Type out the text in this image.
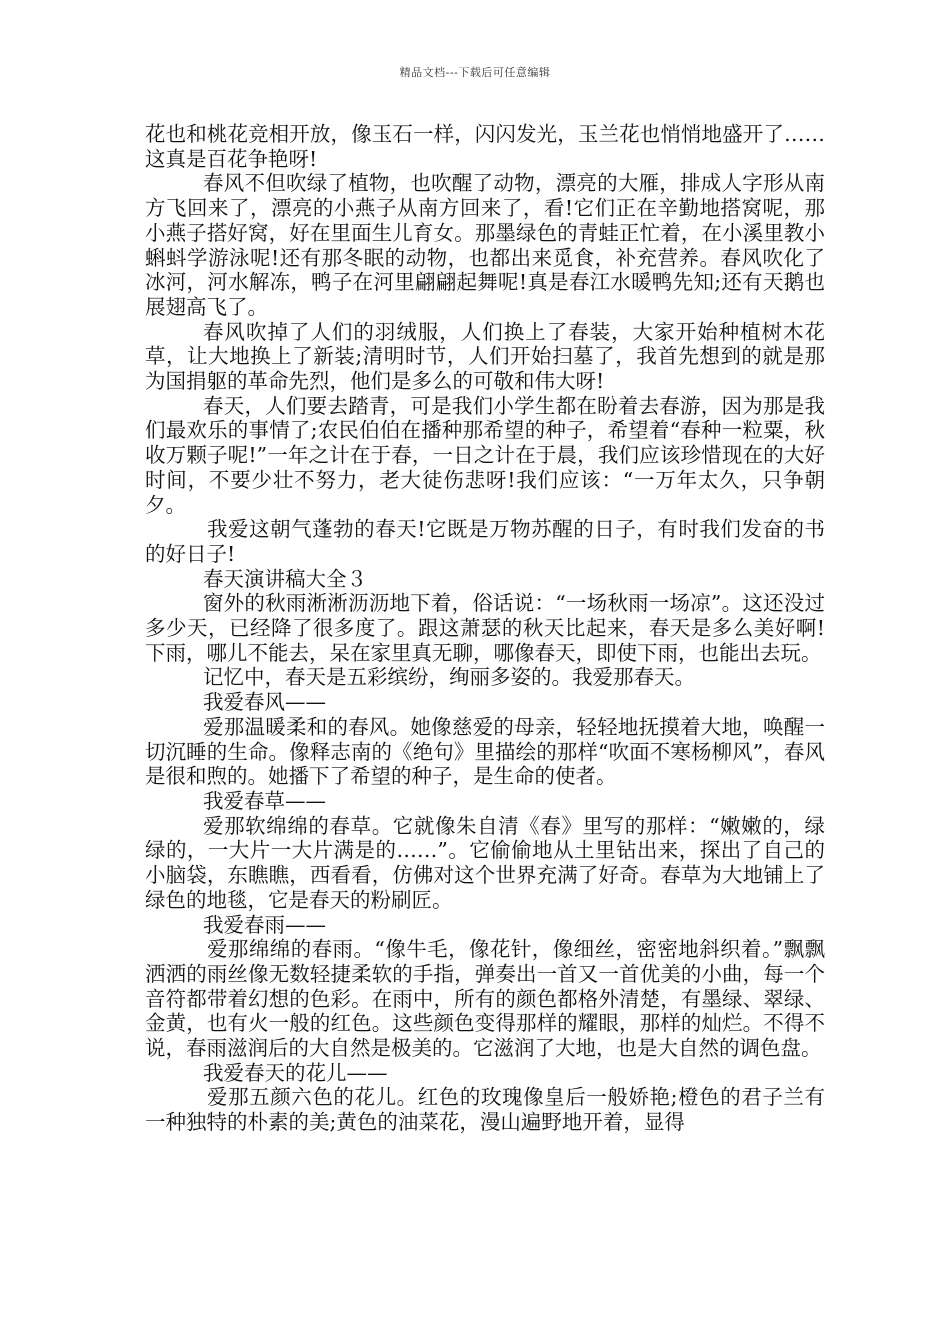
精品文档---下载后可任意编辑

花也和桃花竞相开放，像玉石一样，闪闪发光，玉兰花也悄悄地盛开了……这真是百花争艳呀!

春风不但吹绿了植物，也吹醒了动物，漂亮的大雁，排成人字形从南方飞回来了，漂亮的小燕子从南方回来了，看!它们正在辛勤地搭窝呢，那小燕子搭好窝，好在里面生儿育女。那墨绿色的青蛙正忙着，在小溪里教小蝌蚪学游泳呢!还有那冬眠的动物，也都出来觅食，补充营养。春风吹化了冰河，河水解冻，鸭子在河里翩翩起舞呢!真是春江水暖鸭先知;还有天鹅也展翅高飞了。

春风吹掉了人们的羽绒服，人们换上了春装，大家开始种植树木花草，让大地换上了新装;清明时节，人们开始扫墓了，我首先想到的就是那为国捐躯的革命先烈，他们是多么的可敬和伟大呀!

春天，人们要去踏青，可是我们小学生都在盼着去春游，因为那是我们最欢乐的事情了;农民伯伯在播种那希望的种子，希望着“春种一粒粟，秋收万颗子呢!”一年之计在于春，一日之计在于晨，我们应该珍惜现在的大好时间，不要少壮不努力，老大徒伤悲呀!我们应该：“一万年太久，只争朝夕。

我爱这朝气蓬勃的春天!它既是万物苏醒的日子，有时我们发奋的书的好日子!

春天演讲稿大全３

窗外的秋雨淅淅沥沥地下着，俗话说：“一场秋雨一场凉”。这还没过多少天，已经降了很多度了。跟这萧瑟的秋天比起来，春天是多么美好啊!下雨，哪儿不能去，呆在家里真无聊，哪像春天，即使下雨，也能出去玩。

记忆中，春天是五彩缤纷，绚丽多姿的。我爱那春天。

我爱春风——

爱那温暖柔和的春风。她像慈爱的母亲，轻轻地抚摸着大地，唤醒一切沉睡的生命。像释志南的《绝句》里描绘的那样“吹面不寒杨柳风”，春风是很和煦的。她播下了希望的种子，是生命的使者。

我爱春草——

爱那软绵绵的春草。它就像朱自清《春》里写的那样：“嫩嫩的，绿绿的，一大片一大片满是的……”。它偷偷地从土里钻出来，探出了自己的小脑袋，东瞧瞧，西看看，仿佛对这个世界充满了好奇。春草为大地铺上了绿色的地毯，它是春天的粉刷匠。

我爱春雨——

爱那绵绵的春雨。“像牛毛，像花针，像细丝，密密地斜织着。”飘飘洒洒的雨丝像无数轻捷柔软的手指，弹奏出一首又一首优美的小曲，每一个音符都带着幻想的色彩。在雨中，所有的颜色都格外清楚，有墨绿、翠绿、金黄，也有火一般的红色。这些颜色变得那样的耀眼，那样的灿烂。不得不说，春雨滋润后的大自然是极美的。它滋润了大地，也是大自然的调色盘。

我爱春天的花儿——

爱那五颜六色的花儿。红色的玫瑰像皇后一般娇艳;橙色的君子兰有一种独特的朴素的美;黄色的油菜花，漫山遍野地开着，显得
